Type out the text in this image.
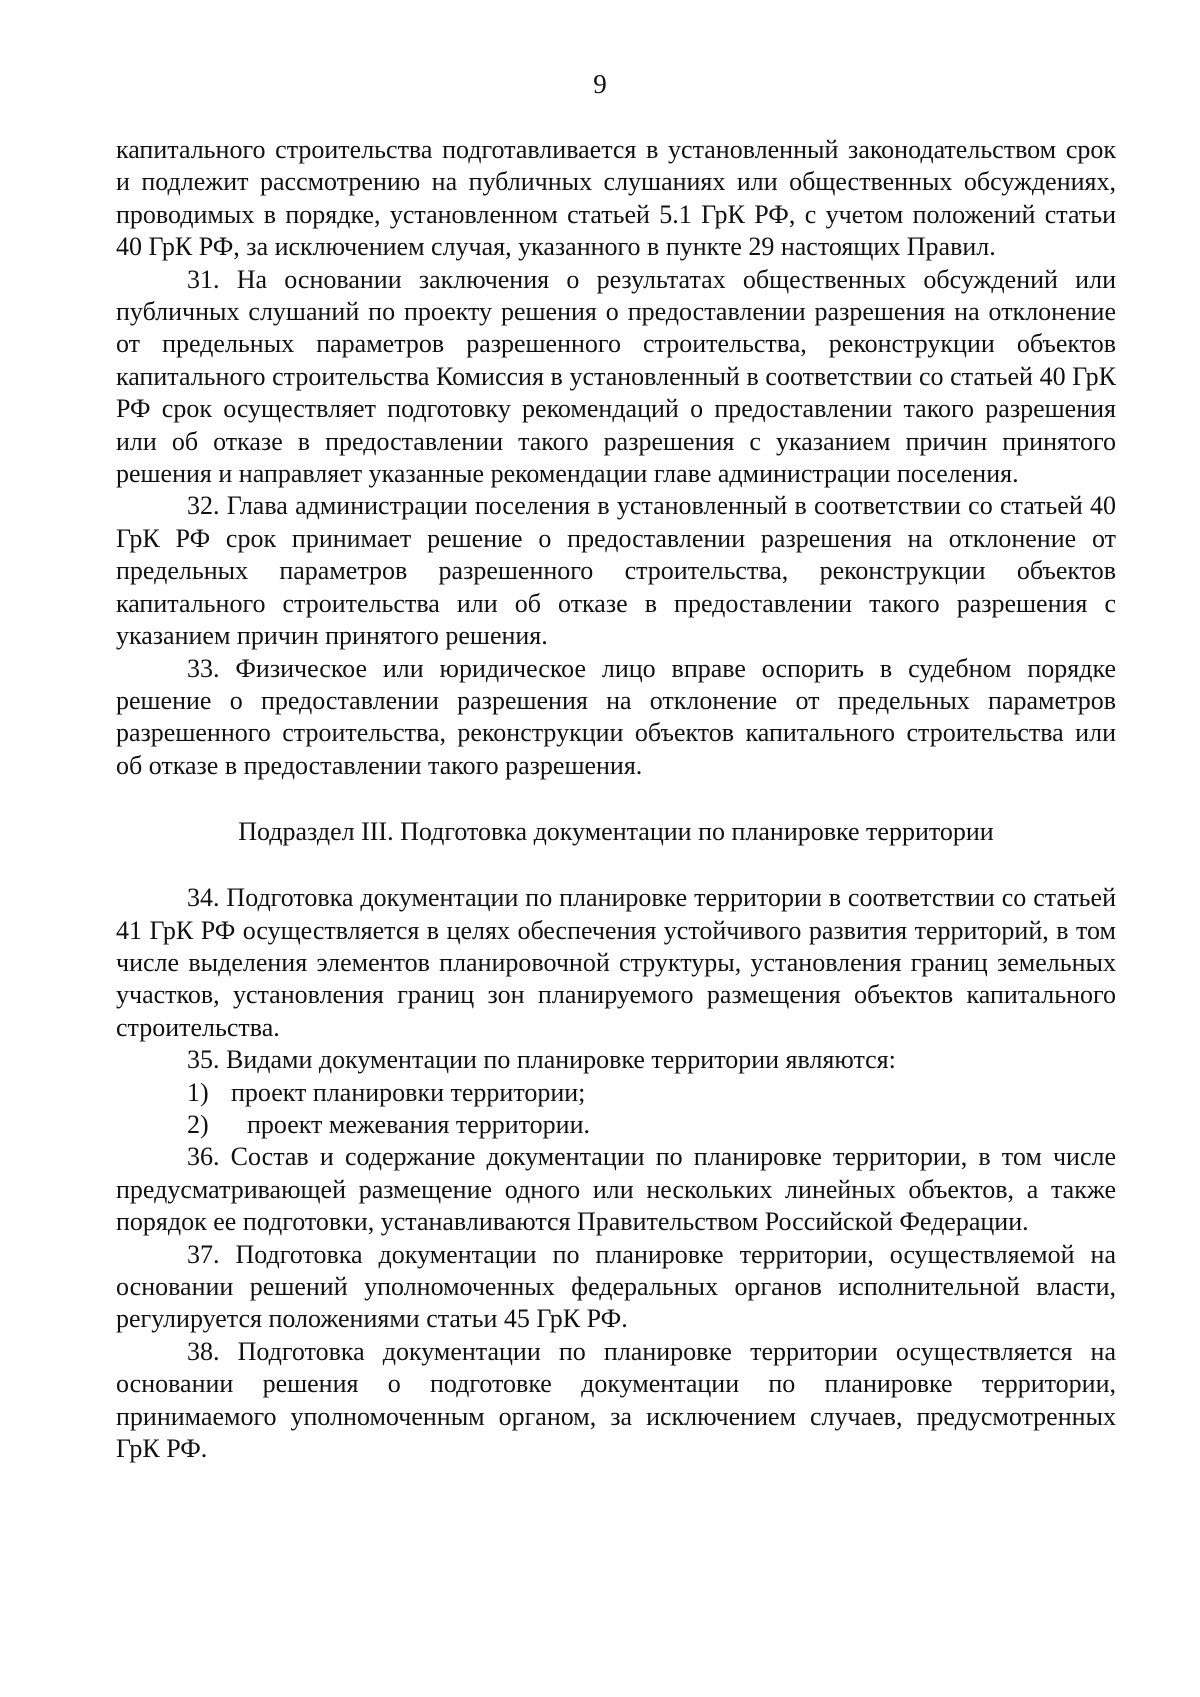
9

капитального строительства подготавливается в установленный законодательством срок и подлежит рассмотрению на публичных слушаниях или общественных обсуждениях, проводимых в порядке, установленном статьей 5.1 ГрК РФ, с учетом положений статьи 40 ГрК РФ, за исключением случая, указанного в пункте 29 настоящих Правил.

31. На основании заключения о результатах общественных обсуждений или публичных слушаний по проекту решения о предоставлении разрешения на отклонение от предельных параметров разрешенного строительства, реконструкции объектов капитального строительства Комиссия в установленный в соответствии со статьей 40 ГрК РФ срок осуществляет подготовку рекомендаций о предоставлении такого разрешения или об отказе в предоставлении такого разрешения с указанием причин принятого решения и направляет указанные рекомендации главе администрации поселения.

32. Глава администрации поселения в установленный в соответствии со статьей 40 ГрК РФ срок принимает решение о предоставлении разрешения на отклонение от предельных параметров разрешенного строительства, реконструкции объектов капитального строительства или об отказе в предоставлении такого разрешения с указанием причин принятого решения.

33. Физическое или юридическое лицо вправе оспорить в судебном порядке решение о предоставлении разрешения на отклонение от предельных параметров разрешенного строительства, реконструкции объектов капитального строительства или об отказе в предоставлении такого разрешения.

Подраздел III. Подготовка документации по планировке территории

34. Подготовка документации по планировке территории в соответствии со статьей 41 ГрК РФ осуществляется в целях обеспечения устойчивого развития территорий, в том числе выделения элементов планировочной структуры, установления границ земельных участков, установления границ зон планируемого размещения объектов капитального строительства.

35. Видами документации по планировке территории являются:

1) проект планировки территории;
2) проект межевания территории.

36. Состав и содержание документации по планировке территории, в том числе предусматривающей размещение одного или нескольких линейных объектов, а также порядок ее подготовки, устанавливаются Правительством Российской Федерации.

37. Подготовка документации по планировке территории, осуществляемой на основании решений уполномоченных федеральных органов исполнительной власти, регулируется положениями статьи 45 ГрК РФ.

38. Подготовка документации по планировке территории осуществляется на основании решения о подготовке документации по планировке территории, принимаемого уполномоченным органом, за исключением случаев, предусмотренных ГрК РФ.
